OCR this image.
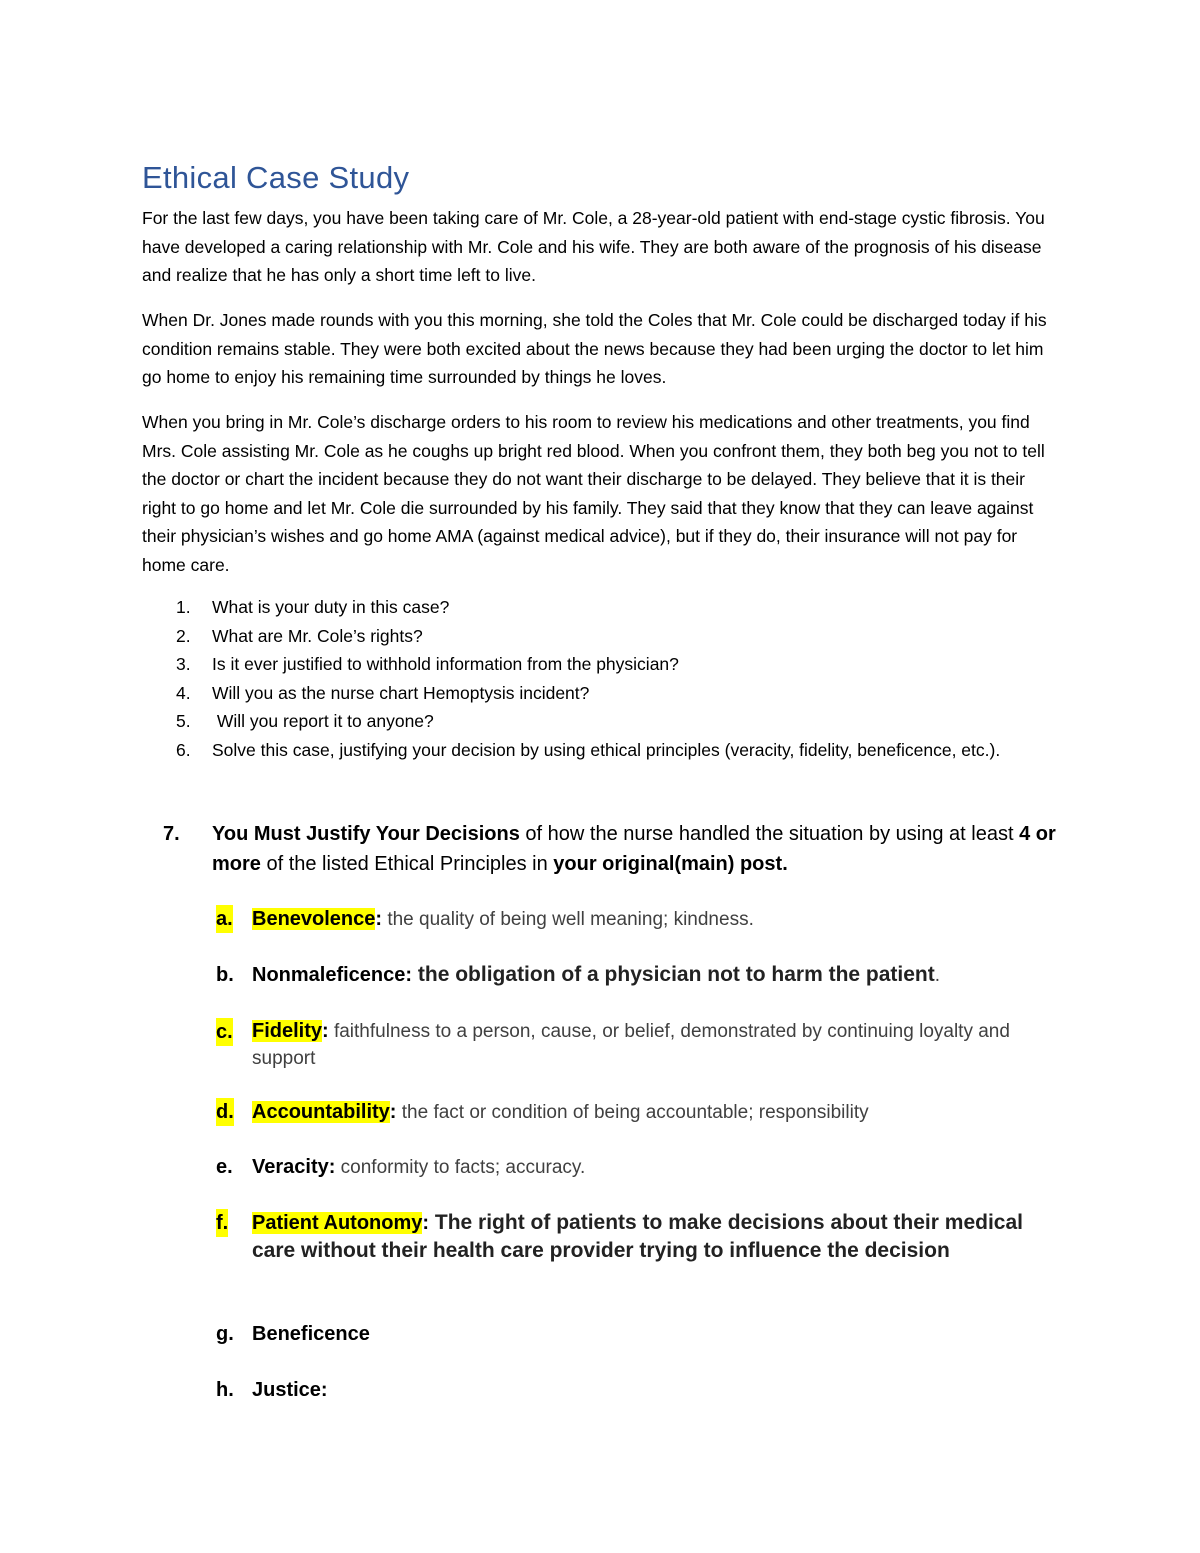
Ethical Case Study

For the last few days, you have been taking care of Mr. Cole, a 28-year-old patient with end-stage cystic fibrosis. You have developed a caring relationship with Mr. Cole and his wife. They are both aware of the prognosis of his disease and realize that he has only a short time left to live.

When Dr. Jones made rounds with you this morning, she told the Coles that Mr. Cole could be discharged today if his condition remains stable. They were both excited about the news because they had been urging the doctor to let him go home to enjoy his remaining time surrounded by things he loves.

When you bring in Mr. Cole’s discharge orders to his room to review his medications and other treatments, you find Mrs. Cole assisting Mr. Cole as he coughs up bright red blood. When you confront them, they both beg you not to tell the doctor or chart the incident because they do not want their discharge to be delayed. They believe that it is their right to go home and let Mr. Cole die surrounded by his family. They said that they know that they can leave against their physician’s wishes and go home AMA (against medical advice), but if they do, their insurance will not pay for home care.

1. What is your duty in this case?
2. What are Mr. Cole’s rights?
3. Is it ever justified to withhold information from the physician?
4. Will you as the nurse chart Hemoptysis incident?
5. Will you report it to anyone?
6. Solve this case, justifying your decision by using ethical principles (veracity, fidelity, beneficence, etc.).
7. You Must Justify Your Decisions of how the nurse handled the situation by using at least 4 or more of the listed Ethical Principles in your original(main) post.
a. Benevolence: the quality of being well meaning; kindness.
b. Nonmaleficence: the obligation of a physician not to harm the patient.
c. Fidelity: faithfulness to a person, cause, or belief, demonstrated by continuing loyalty and support
d. Accountability: the fact or condition of being accountable; responsibility
e. Veracity: conformity to facts; accuracy.
f. Patient Autonomy: The right of patients to make decisions about their medical care without their health care provider trying to influence the decision
g. Beneficence
h. Justice:
